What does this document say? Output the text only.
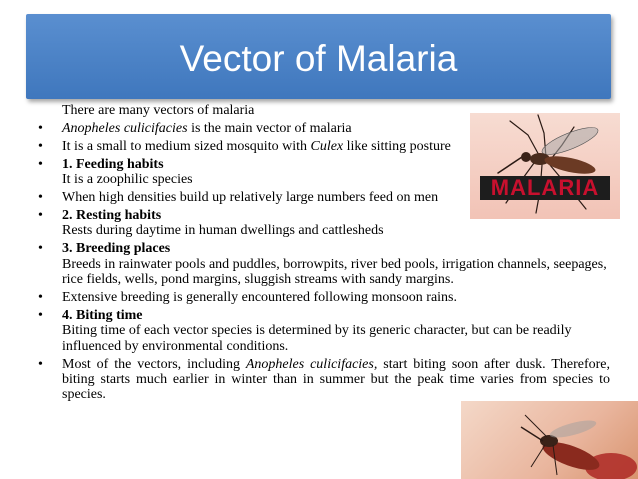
Vector of Malaria
MALARIA
There are many vectors of malaria
•	Anopheles culicifacies is the main vector of malaria
•	It is a small to medium sized mosquito with Culex like sitting posture
•	1. Feeding habits
It is a zoophilic species
•	When high densities build up relatively large numbers feed on men
•	2. Resting habits
Rests during daytime in human dwellings and cattlesheds
•	3. Breeding places
Breeds in rainwater pools and puddles, borrowpits, river bed pools, irrigation channels, seepages, rice fields, wells, pond margins, sluggish streams with sandy margins.
•	Extensive breeding is generally encountered following monsoon rains.
•	4. Biting time
Biting time of each vector species is determined by its generic character, but can be readily influenced by environmental conditions.
•	Most of the vectors, including Anopheles culicifacies, start biting soon after dusk. Therefore, biting starts much earlier in winter than in summer but the peak time varies from species to species.
